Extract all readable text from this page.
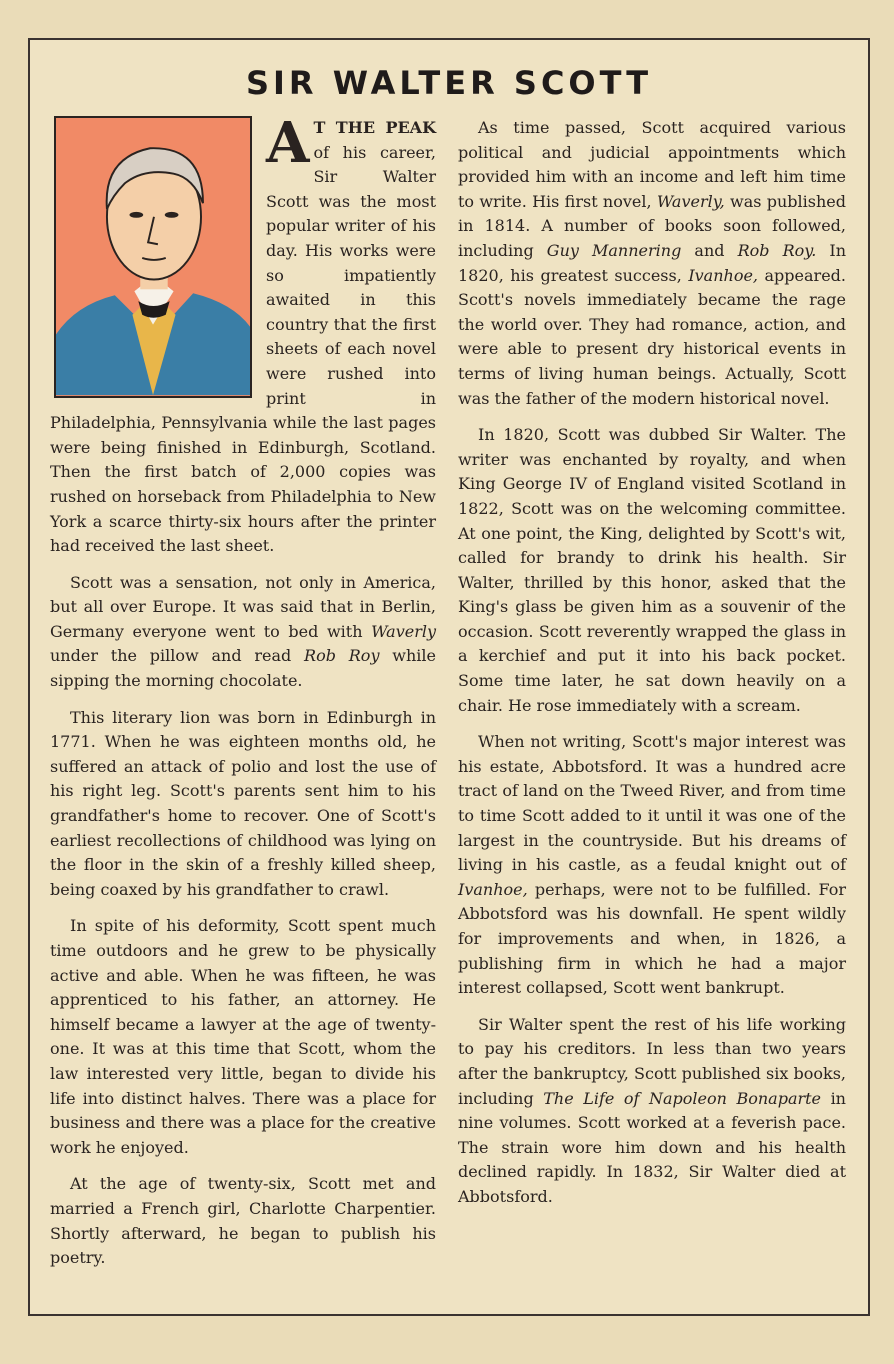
SIR WALTER SCOTT

A T THE PEAK of his career, Sir Walter Scott was the most popular writer of his day. His works were so impatiently awaited in this country that the first sheets of each novel were rushed into print in Philadelphia, Pennsylvania while the last pages were being finished in Edinburgh, Scotland. Then the first batch of 2,000 copies was rushed on horseback from Philadelphia to New York a scarce thirty-six hours after the printer had received the last sheet.

Scott was a sensation, not only in America, but all over Europe. It was said that in Berlin, Germany everyone went to bed with Waverly under the pillow and read Rob Roy while sipping the morning chocolate.

This literary lion was born in Edinburgh in 1771. When he was eighteen months old, he suffered an attack of polio and lost the use of his right leg. Scott's parents sent him to his grandfather's home to recover. One of Scott's earliest recollections of childhood was lying on the floor in the skin of a freshly killed sheep, being coaxed by his grandfather to crawl.

In spite of his deformity, Scott spent much time outdoors and he grew to be physically active and able. When he was fifteen, he was apprenticed to his father, an attorney. He himself became a lawyer at the age of twenty-one. It was at this time that Scott, whom the law interested very little, began to divide his life into distinct halves. There was a place for business and there was a place for the creative work he enjoyed.

At the age of twenty-six, Scott met and married a French girl, Charlotte Charpentier. Shortly afterward, he began to publish his poetry.

As time passed, Scott acquired various political and judicial appointments which provided him with an income and left him time to write. His first novel, Waverly, was published in 1814. A number of books soon followed, including Guy Mannering and Rob Roy. In 1820, his greatest success, Ivanhoe, appeared. Scott's novels immediately became the rage the world over. They had romance, action, and were able to present dry historical events in terms of living human beings. Actually, Scott was the father of the modern historical novel.

In 1820, Scott was dubbed Sir Walter. The writer was enchanted by royalty, and when King George IV of England visited Scotland in 1822, Scott was on the welcoming committee. At one point, the King, delighted by Scott's wit, called for brandy to drink his health. Sir Walter, thrilled by this honor, asked that the King's glass be given him as a souvenir of the occasion. Scott reverently wrapped the glass in a kerchief and put it into his back pocket. Some time later, he sat down heavily on a chair. He rose immediately with a scream.

When not writing, Scott's major interest was his estate, Abbotsford. It was a hundred acre tract of land on the Tweed River, and from time to time Scott added to it until it was one of the largest in the countryside. But his dreams of living in his castle, as a feudal knight out of Ivanhoe, perhaps, were not to be fulfilled. For Abbotsford was his downfall. He spent wildly for improvements and when, in 1826, a publishing firm in which he had a major interest collapsed, Scott went bankrupt.

Sir Walter spent the rest of his life working to pay his creditors. In less than two years after the bankruptcy, Scott published six books, including The Life of Napoleon Bonaparte in nine volumes. Scott worked at a feverish pace. The strain wore him down and his health declined rapidly. In 1832, Sir Walter died at Abbotsford.
